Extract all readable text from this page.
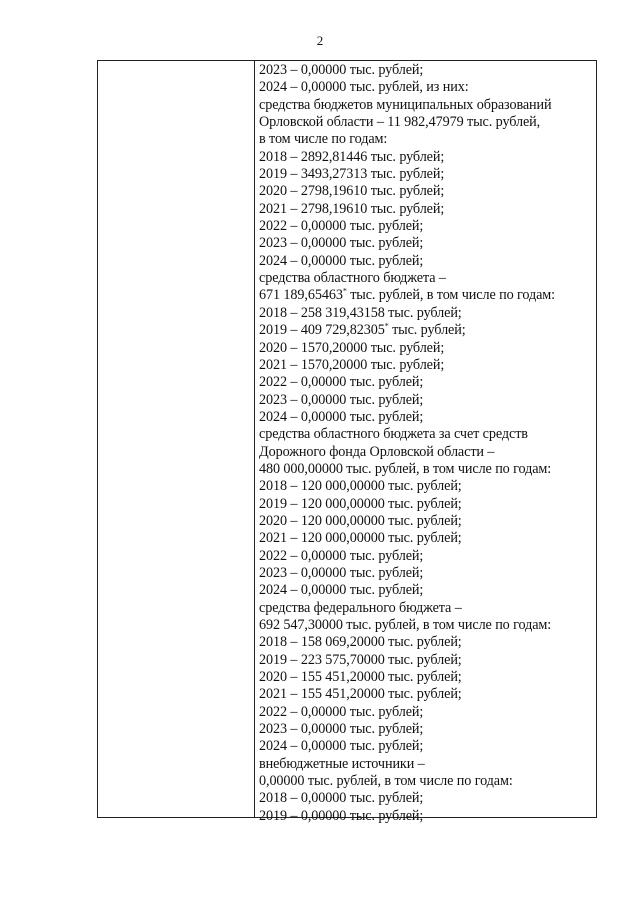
2
2023 – 0,00000 тыс. рублей;
2024 – 0,00000 тыс. рублей, из них:
средства бюджетов муниципальных образований
Орловской области – 11 982,47979 тыс. рублей,
в том числе по годам:
2018 – 2892,81446 тыс. рублей;
2019 – 3493,27313 тыс. рублей;
2020 – 2798,19610 тыс. рублей;
2021 – 2798,19610 тыс. рублей;
2022 – 0,00000 тыс. рублей;
2023 – 0,00000 тыс. рублей;
2024 – 0,00000 тыс. рублей;
средства областного бюджета –
671 189,65463* тыс. рублей, в том числе по годам:
2018 – 258 319,43158 тыс. рублей;
2019 – 409 729,82305* тыс. рублей;
2020 – 1570,20000 тыс. рублей;
2021 – 1570,20000 тыс. рублей;
2022 – 0,00000 тыс. рублей;
2023 – 0,00000 тыс. рублей;
2024 – 0,00000 тыс. рублей;
средства областного бюджета за счет средств
Дорожного фонда Орловской области –
480 000,00000 тыс. рублей, в том числе по годам:
2018 – 120 000,00000 тыс. рублей;
2019 – 120 000,00000 тыс. рублей;
2020 – 120 000,00000 тыс. рублей;
2021 – 120 000,00000 тыс. рублей;
2022 – 0,00000 тыс. рублей;
2023 – 0,00000 тыс. рублей;
2024 – 0,00000 тыс. рублей;
средства федерального бюджета –
692 547,30000 тыс. рублей, в том числе по годам:
2018 – 158 069,20000 тыс. рублей;
2019 – 223 575,70000 тыс. рублей;
2020 – 155 451,20000 тыс. рублей;
2021 – 155 451,20000 тыс. рублей;
2022 – 0,00000 тыс. рублей;
2023 – 0,00000 тыс. рублей;
2024 – 0,00000 тыс. рублей;
внебюджетные источники –
0,00000 тыс. рублей, в том числе по годам:
2018 – 0,00000 тыс. рублей;
2019 – 0,00000 тыс. рублей;
